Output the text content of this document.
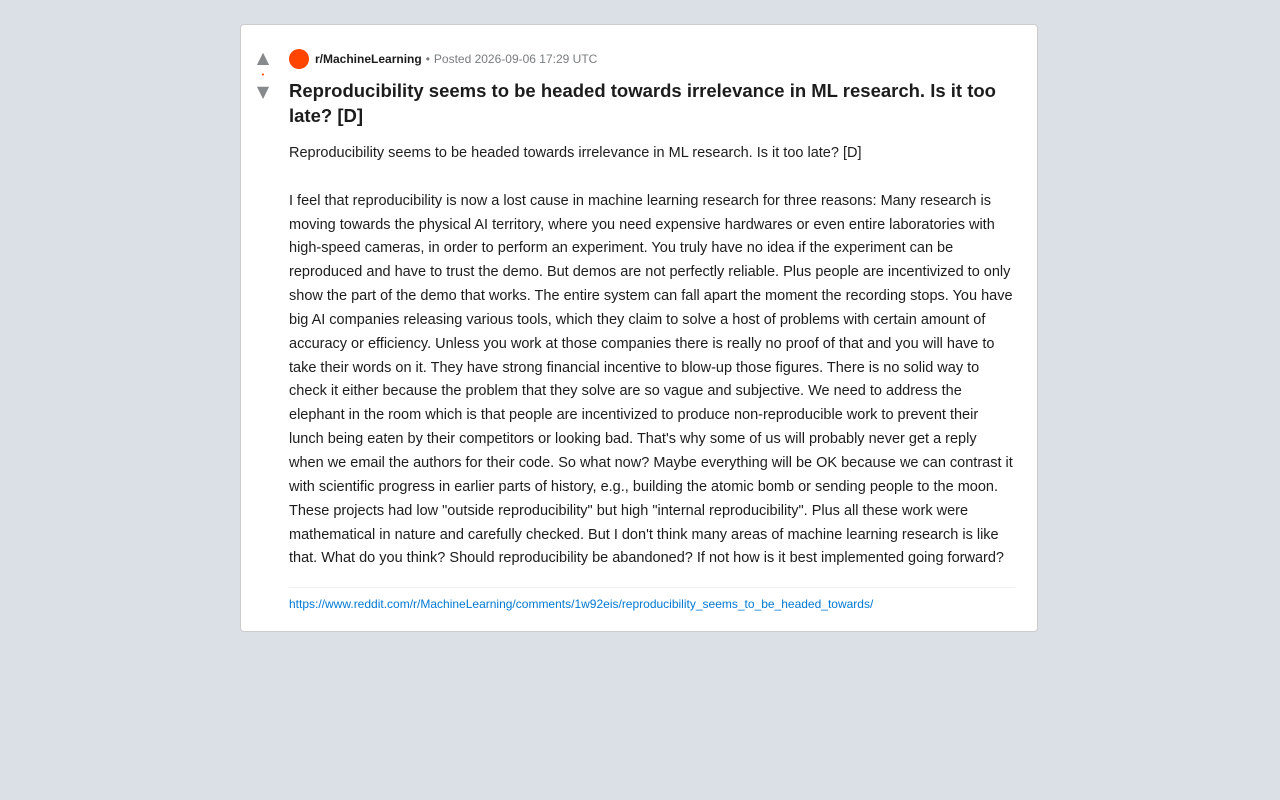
▲
•
▼
r/MachineLearning • Posted 2026-09-06 17:29 UTC
Reproducibility seems to be headed towards irrelevance in ML research. Is it too late? [D]
Reproducibility seems to be headed towards irrelevance in ML research. Is it too late? [D]

I feel that reproducibility is now a lost cause in machine learning research for three reasons: Many research is moving towards the physical AI territory, where you need expensive hardwares or even entire laboratories with high-speed cameras, in order to perform an experiment. You truly have no idea if the experiment can be reproduced and have to trust the demo. But demos are not perfectly reliable. Plus people are incentivized to only show the part of the demo that works. The entire system can fall apart the moment the recording stops. You have big AI companies releasing various tools, which they claim to solve a host of problems with certain amount of accuracy or efficiency. Unless you work at those companies there is really no proof of that and you will have to take their words on it. They have strong financial incentive to blow-up those figures. There is no solid way to check it either because the problem that they solve are so vague and subjective. We need to address the elephant in the room which is that people are incentivized to produce non-reproducible work to prevent their lunch being eaten by their competitors or looking bad. That's why some of us will probably never get a reply when we email the authors for their code. So what now? Maybe everything will be OK because we can contrast it with scientific progress in earlier parts of history, e.g., building the atomic bomb or sending people to the moon. These projects had low "outside reproducibility" but high "internal reproducibility". Plus all these work were mathematical in nature and carefully checked. But I don't think many areas of machine learning research is like that. What do you think? Should reproducibility be abandoned? If not how is it best implemented going forward?
https://www.reddit.com/r/MachineLearning/comments/1w92eis/reproducibility_seems_to_be_headed_towards/
